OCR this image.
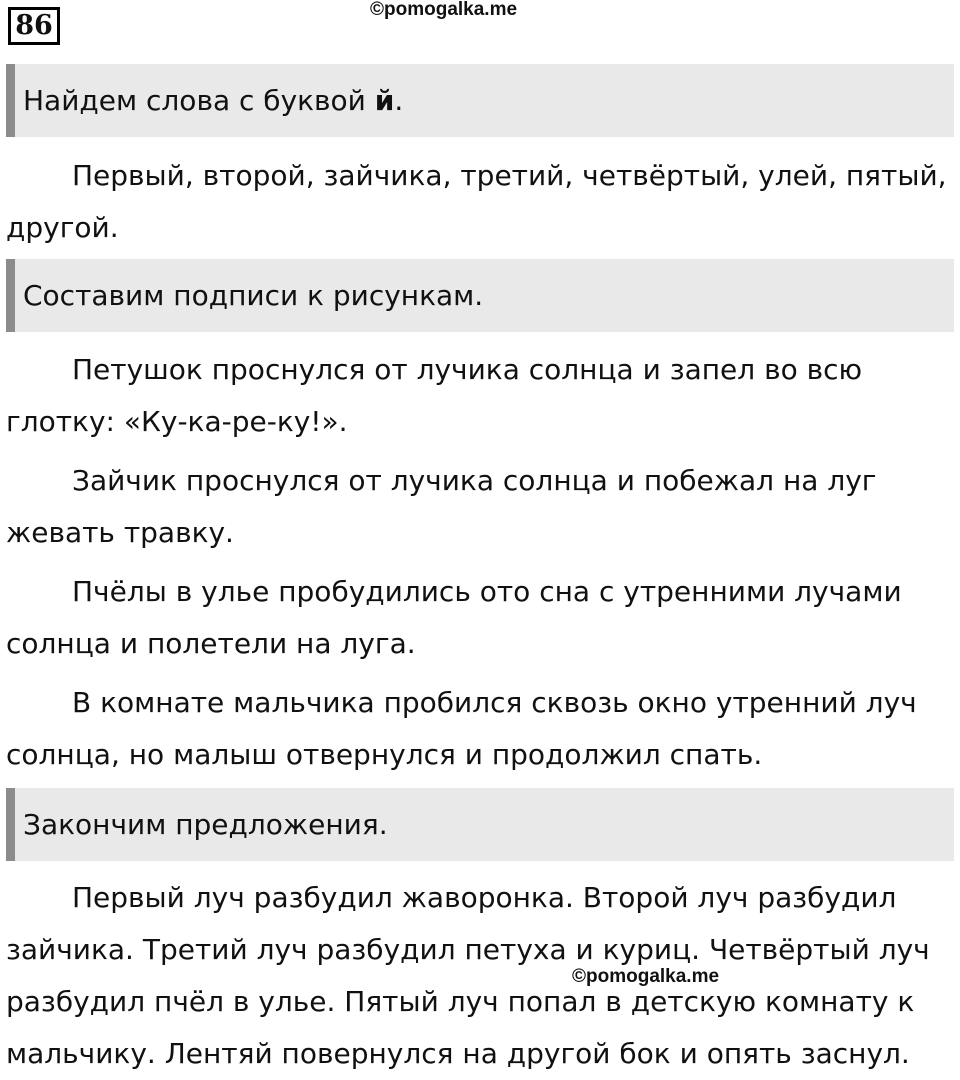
86
©pomogalka.me
Найдем слова с буквой й .
Первый, второй, зайчика, третий, четвёртый, улей, пятый, другой.
Составим подписи к рисункам.
Петушок проснулся от лучика солнца и запел во всю глотку: «Ку-ка-ре-ку!».
Зайчик проснулся от лучика солнца и побежал на луг жевать травку.
Пчёлы в улье пробудились ото сна с утренними лучами солнца и полетели на луга.
В комнате мальчика пробился сквозь окно утренний луч солнца, но малыш отвернулся и продолжил спать.
Закончим предложения.
Первый луч разбудил жаворонка. Второй луч разбудил зайчика. Третий луч разбудил петуха и куриц. Четвёртый луч разбудил пчёл в улье. Пятый луч попал в детскую комнату к мальчику. Лентяй повернулся на другой бок и опять заснул.
©pomogalka.me
